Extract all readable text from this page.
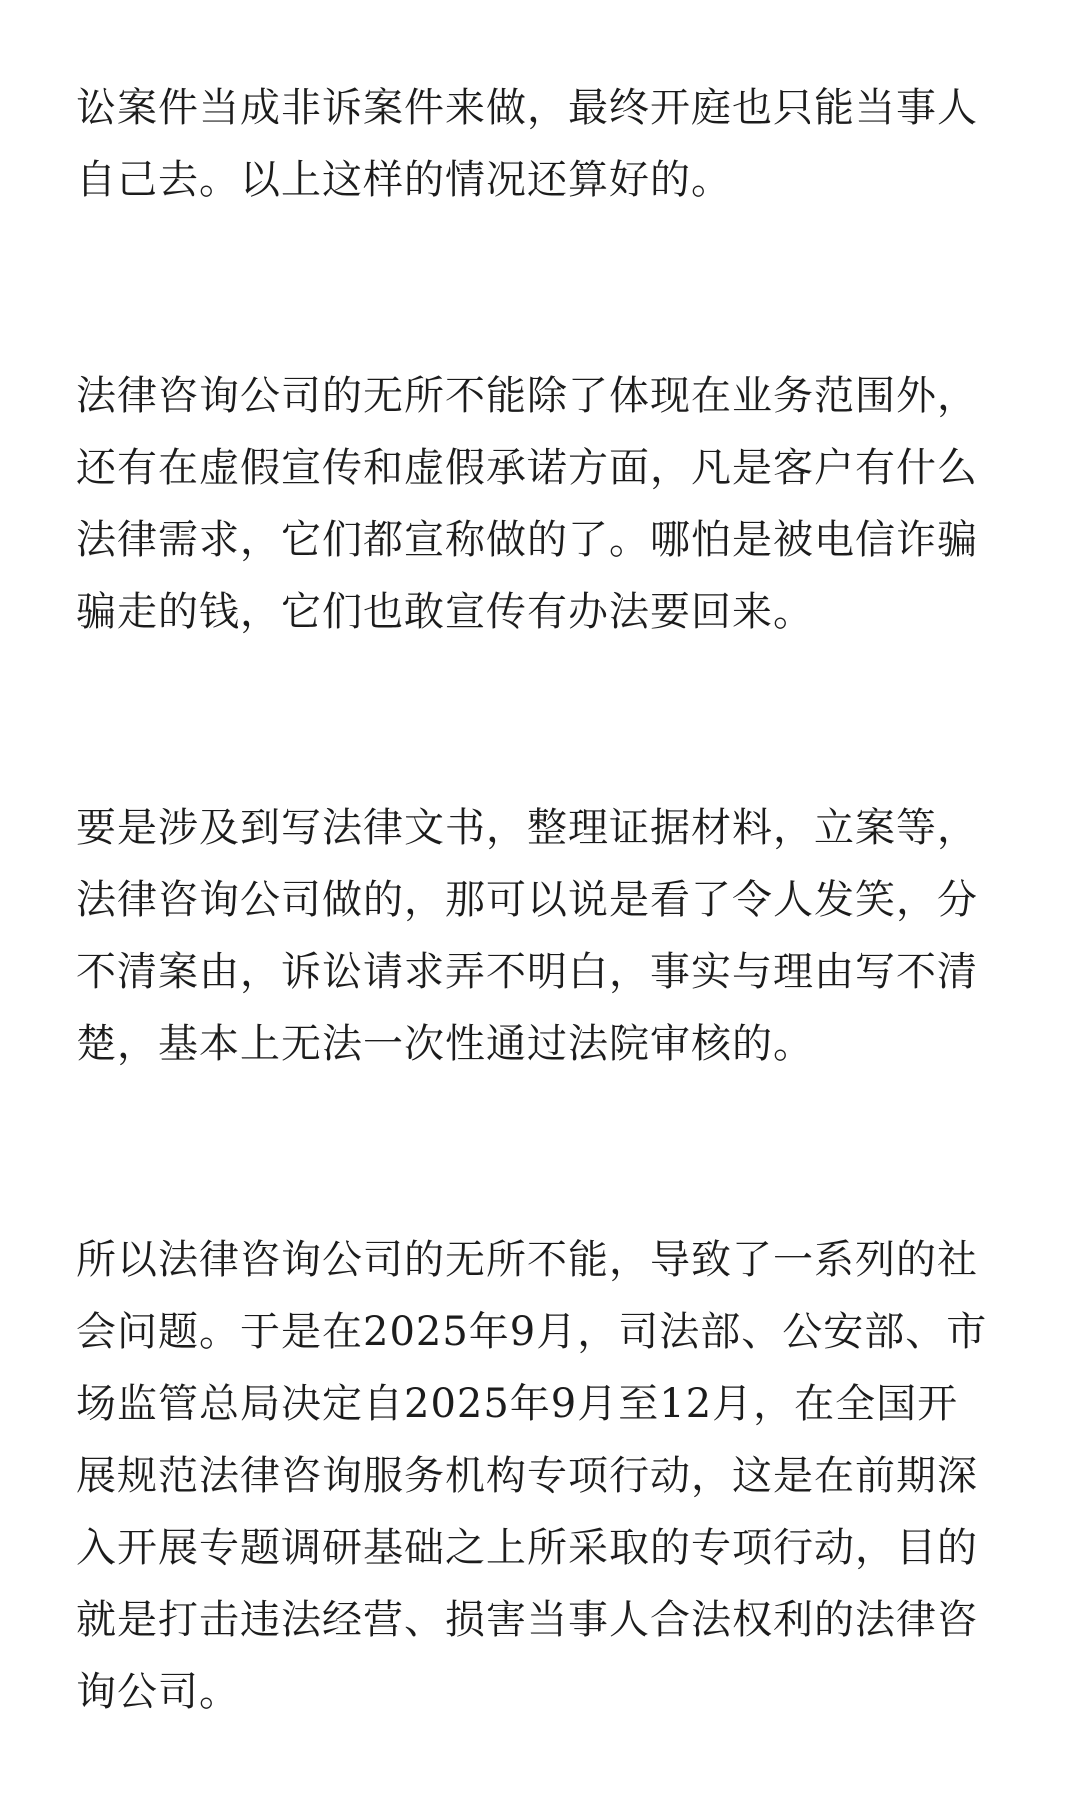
讼案件当成非诉案件来做，最终开庭也只能当事人自己去。以上这样的情况还算好的。

法律咨询公司的无所不能除了体现在业务范围外，还有在虚假宣传和虚假承诺方面，凡是客户有什么法律需求，它们都宣称做的了。哪怕是被电信诈骗骗走的钱，它们也敢宣传有办法要回来。

要是涉及到写法律文书，整理证据材料，立案等，法律咨询公司做的，那可以说是看了令人发笑，分不清案由，诉讼请求弄不明白，事实与理由写不清楚，基本上无法一次性通过法院审核的。

所以法律咨询公司的无所不能，导致了一系列的社会问题。于是在2025年9月，司法部、公安部、市场监管总局决定自2025年9月至12月，在全国开展规范法律咨询服务机构专项行动，这是在前期深入开展专题调研基础之上所采取的专项行动，目的就是打击违法经营、损害当事人合法权利的法律咨询公司。
